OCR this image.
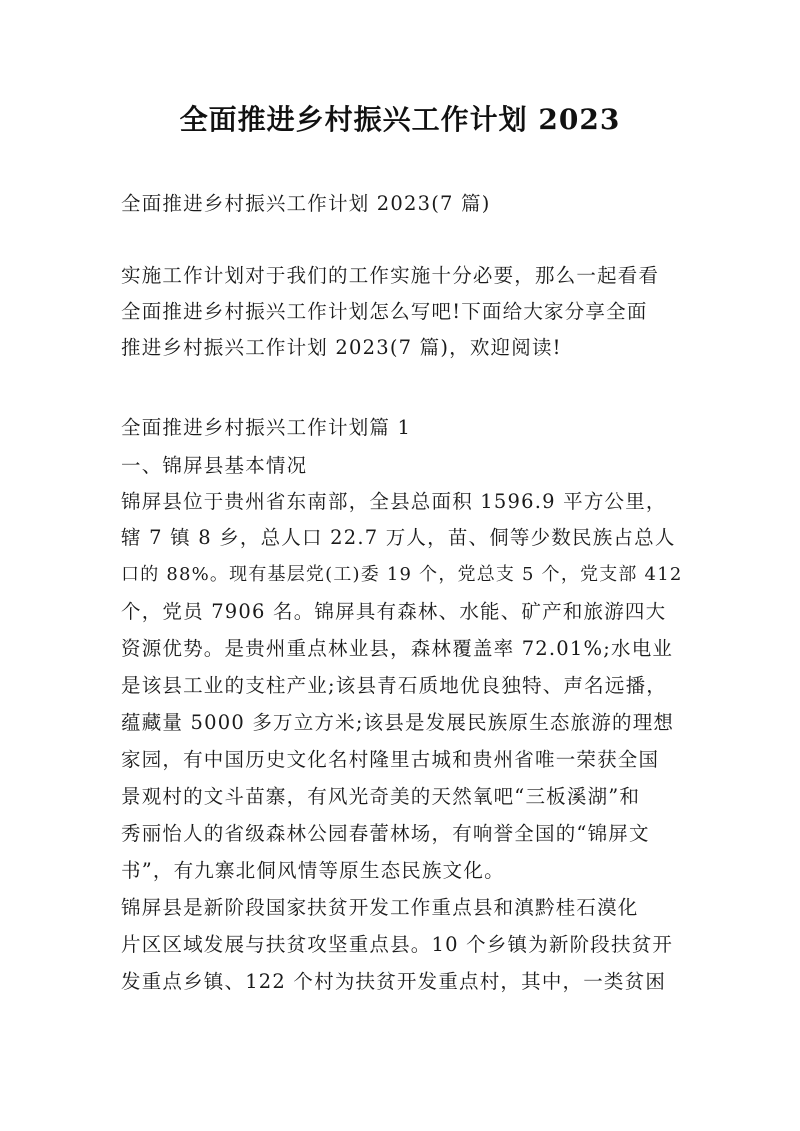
全面推进乡村振兴工作计划 2023

全面推进乡村振兴工作计划 2023(7 篇)

实施工作计划对于我们的工作实施十分必要，那么一起看看

全面推进乡村振兴工作计划怎么写吧!下面给大家分享全面

推进乡村振兴工作计划 2023(7 篇)，欢迎阅读!

全面推进乡村振兴工作计划篇 1

一、锦屏县基本情况

锦屏县位于贵州省东南部，全县总面积 1596.9 平方公里，

辖 7 镇 8 乡，总人口 22.7 万人，苗、侗等少数民族占总人

口的 88%。现有基层党(工)委 19 个，党总支 5 个，党支部 412

个，党员 7906 名。锦屏具有森林、水能、矿产和旅游四大

资源优势。是贵州重点林业县，森林覆盖率 72.01%;水电业

是该县工业的支柱产业;该县青石质地优良独特、声名远播，

蕴藏量 5000 多万立方米;该县是发展民族原生态旅游的理想

家园，有中国历史文化名村隆里古城和贵州省唯一荣获全国

景观村的文斗苗寨，有风光奇美的天然氧吧“三板溪湖”和

秀丽怡人的省级森林公园春蕾林场，有响誉全国的“锦屏文

书”，有九寨北侗风情等原生态民族文化。

锦屏县是新阶段国家扶贫开发工作重点县和滇黔桂石漠化

片区区域发展与扶贫攻坚重点县。10 个乡镇为新阶段扶贫开

发重点乡镇、122 个村为扶贫开发重点村，其中，一类贫困
